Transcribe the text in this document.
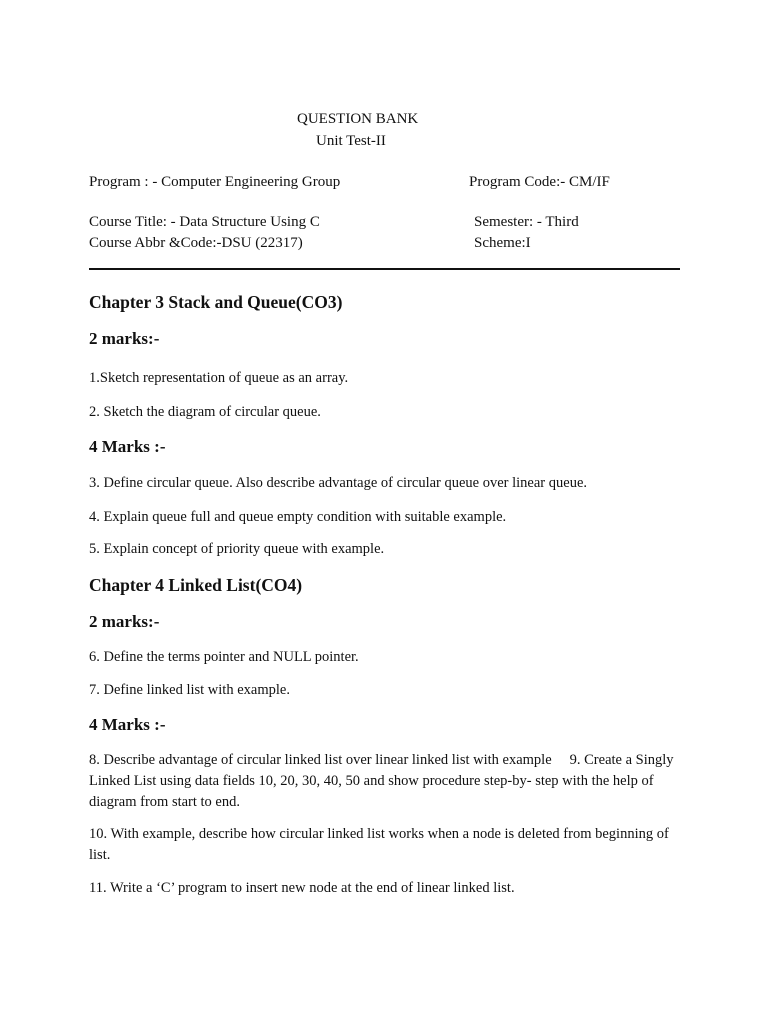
QUESTION BANK

Unit Test-II

Program : - Computer Engineering Group	Program Code:- CM/IF

Course Title: - Data Structure Using C	Semester: - Third

Course Abbr &Code:-DSU (22317)	Scheme:I

Chapter 3 Stack and Queue(CO3)

2 marks:-

1.Sketch representation of queue as an array.

2. Sketch the diagram of circular queue.

4 Marks :-

3. Define circular queue. Also describe advantage of circular queue over linear queue.

4. Explain queue full and queue empty condition with suitable example.

5. Explain concept of priority queue with example.

Chapter 4 Linked List(CO4)

2 marks:-

6. Define the terms pointer and NULL pointer.

7. Define linked list with example.

4 Marks :-

8. Describe advantage of circular linked list over linear linked list with example 9. Create a Singly Linked List using data fields 10, 20, 30, 40, 50 and show procedure step-by- step with the help of diagram from start to end.

10. With example, describe how circular linked list works when a node is deleted from beginning of list.

11. Write a ‘C’ program to insert new node at the end of linear linked list.
